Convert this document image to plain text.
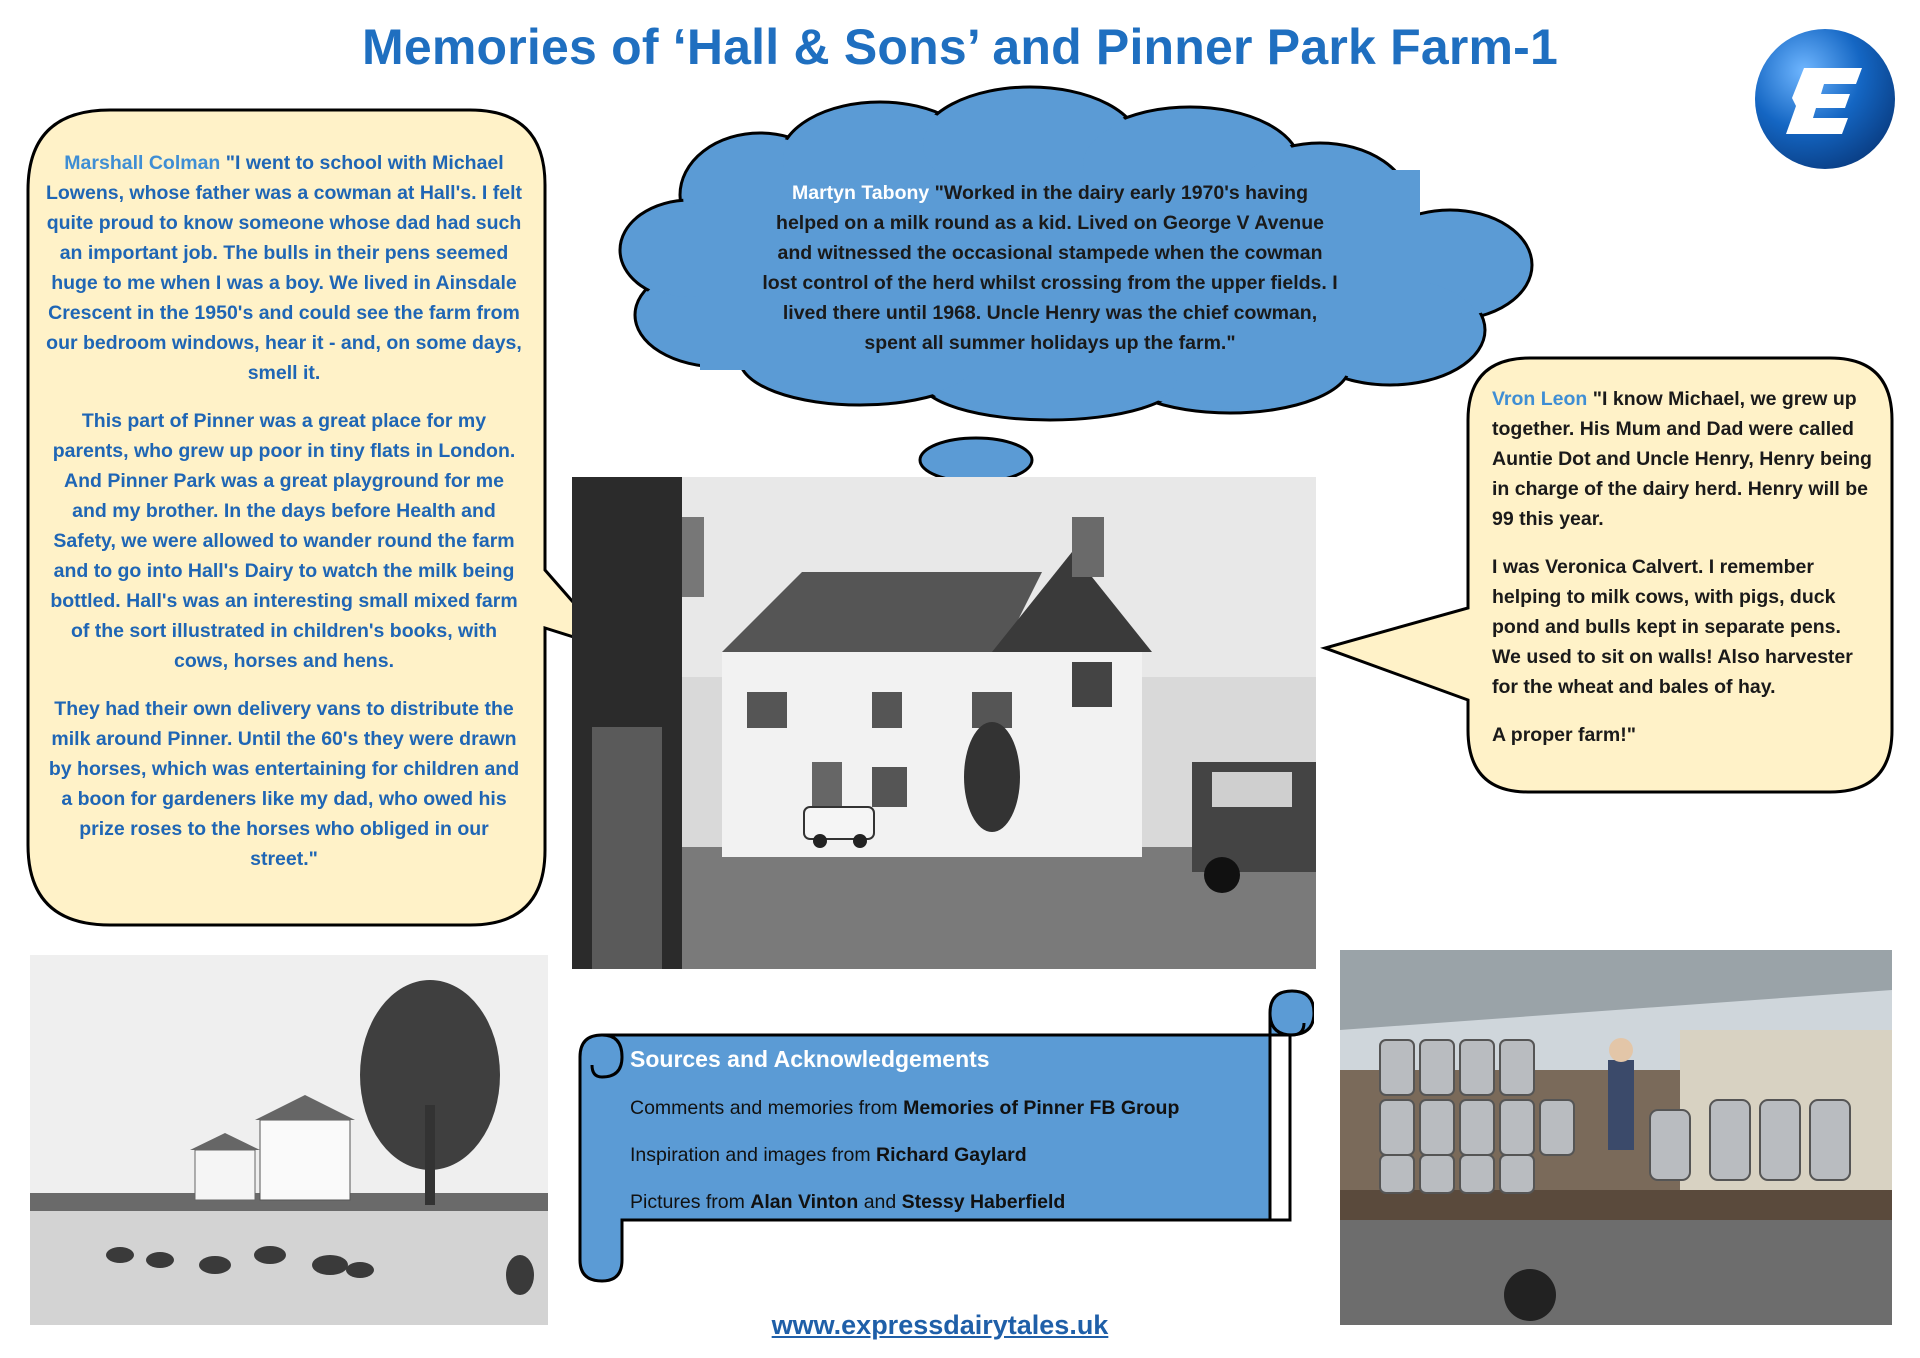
Memories of ‘Hall & Sons’ and Pinner Park Farm-1

Marshall Colman "I went to school with Michael Lowens, whose father was a cowman at Hall's. I felt quite proud to know someone whose dad had such an important job. The bulls in their pens seemed huge to me when I was a boy. We lived in Ainsdale Crescent in the 1950's and could see the farm from our bedroom windows, hear it - and, on some days, smell it.

This part of Pinner was a great place for my parents, who grew up poor in tiny flats in London. And Pinner Park was a great playground for me and my brother. In the days before Health and Safety, we were allowed to wander round the farm and to go into Hall's Dairy to watch the milk being bottled. Hall's was an interesting small mixed farm of the sort illustrated in children's books, with cows, horses and hens.

They had their own delivery vans to distribute the milk around Pinner. Until the 60's they were drawn by horses, which was entertaining for children and a boon for gardeners like my dad, who owed his prize roses to the horses who obliged in our street."

Martyn Tabony "Worked in the dairy early 1970's having helped on a milk round as a kid. Lived on George V Avenue and witnessed the occasional stampede when the cowman lost control of the herd whilst crossing from the upper fields. I lived there until 1968. Uncle Henry was the chief cowman, spent all summer holidays up the farm."

Vron Leon "I know Michael, we grew up together. His Mum and Dad were called Auntie Dot and Uncle Henry, Henry being in charge of the dairy herd. Henry will be 99 this year.

I was Veronica Calvert. I remember helping to milk cows, with pigs, duck pond and bulls kept in separate pens. We used to sit on walls! Also harvester for the wheat and bales of hay.

A proper farm!"

Sources and Acknowledgements
Comments and memories from Memories of Pinner FB Group
Inspiration and images from Richard Gaylard
Pictures from Alan Vinton and Stessy Haberfield
www.expressdairytales.uk
